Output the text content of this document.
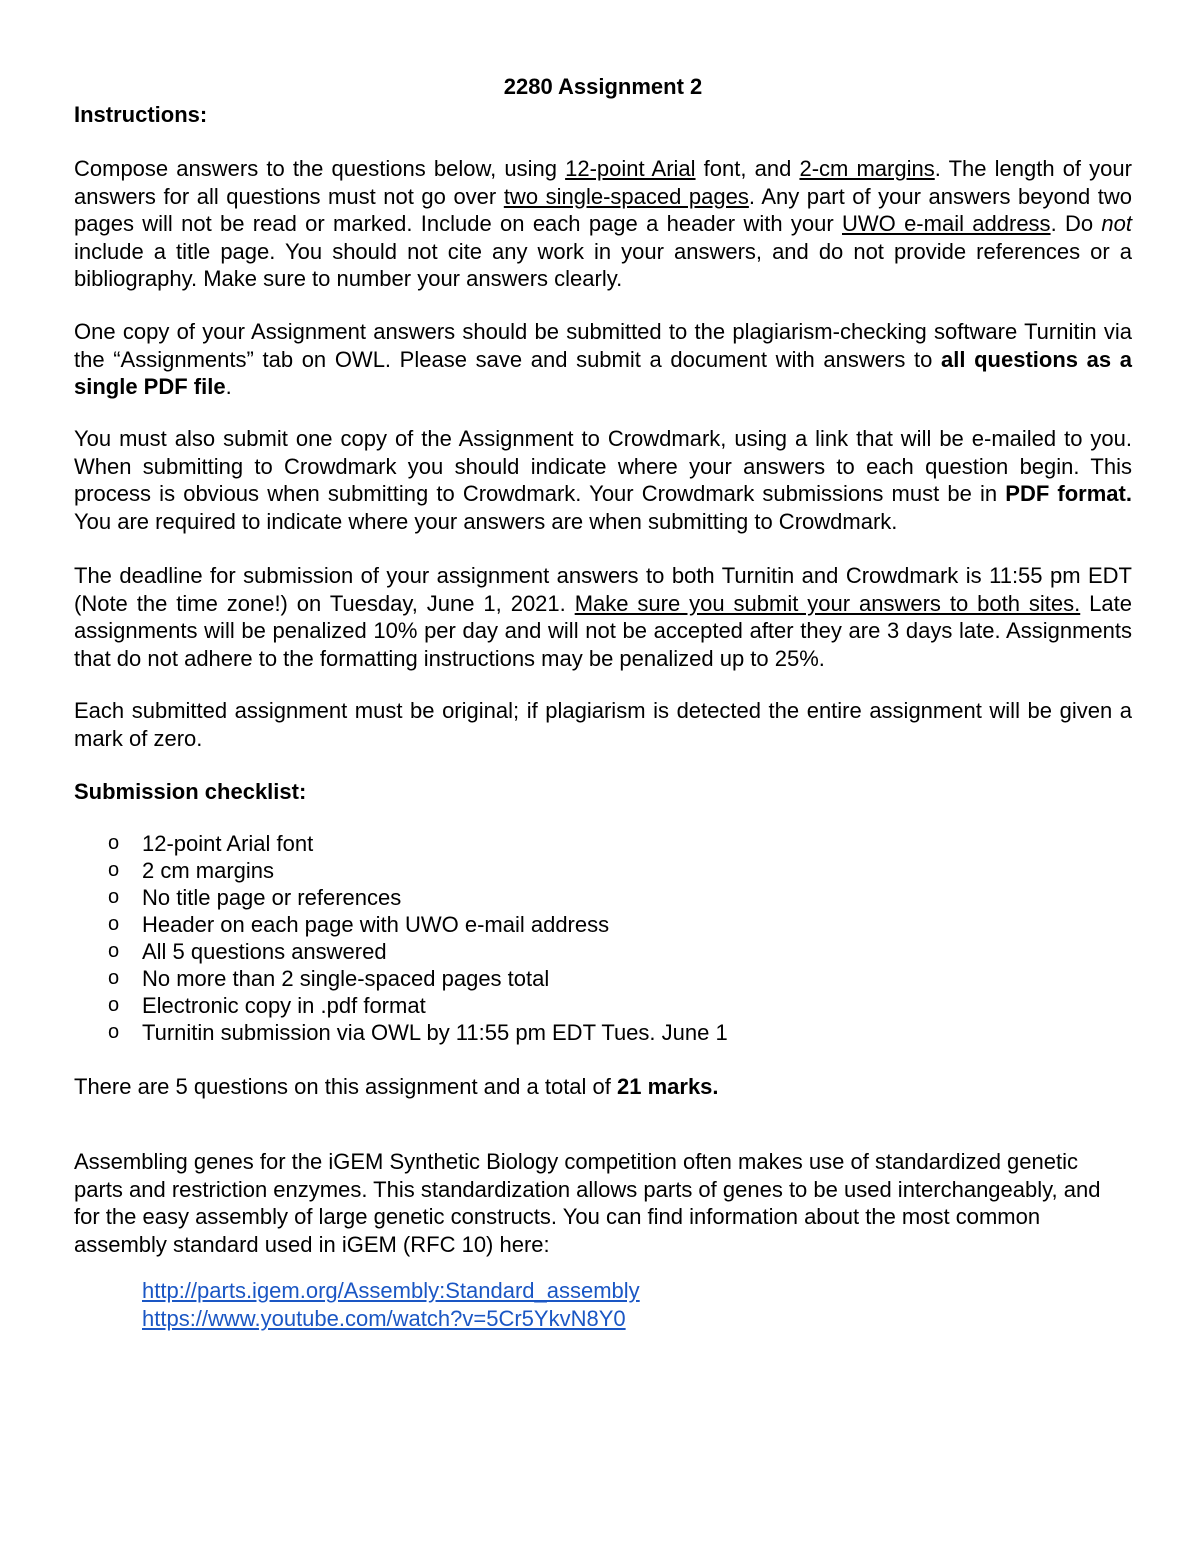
2280 Assignment 2
Instructions:

Compose answers to the questions below, using 12-point Arial font, and 2-cm margins. The length of your answers for all questions must not go over two single-spaced pages. Any part of your answers beyond two pages will not be read or marked. Include on each page a header with your UWO e-mail address. Do not include a title page. You should not cite any work in your answers, and do not provide references or a bibliography. Make sure to number your answers clearly.

One copy of your Assignment answers should be submitted to the plagiarism-checking software Turnitin via the “Assignments” tab on OWL. Please save and submit a document with answers to all questions as a single PDF file.

You must also submit one copy of the Assignment to Crowdmark, using a link that will be e-mailed to you. When submitting to Crowdmark you should indicate where your answers to each question begin. This process is obvious when submitting to Crowdmark. Your Crowdmark submissions must be in PDF format. You are required to indicate where your answers are when submitting to Crowdmark.

The deadline for submission of your assignment answers to both Turnitin and Crowdmark is 11:55 pm EDT (Note the time zone!) on Tuesday, June 1, 2021. Make sure you submit your answers to both sites. Late assignments will be penalized 10% per day and will not be accepted after they are 3 days late. Assignments that do not adhere to the formatting instructions may be penalized up to 25%.

Each submitted assignment must be original; if plagiarism is detected the entire assignment will be given a mark of zero.

Submission checklist:
o 12-point Arial font
o 2 cm margins
o No title page or references
o Header on each page with UWO e-mail address
o All 5 questions answered
o No more than 2 single-spaced pages total
o Electronic copy in .pdf format
o Turnitin submission via OWL by 11:55 pm EDT Tues. June 1

There are 5 questions on this assignment and a total of 21 marks.

Assembling genes for the iGEM Synthetic Biology competition often makes use of standardized genetic parts and restriction enzymes. This standardization allows parts of genes to be used interchangeably, and for the easy assembly of large genetic constructs. You can find information about the most common assembly standard used in iGEM (RFC 10) here:

http://parts.igem.org/Assembly:Standard_assembly
https://www.youtube.com/watch?v=5Cr5YkvN8Y0
